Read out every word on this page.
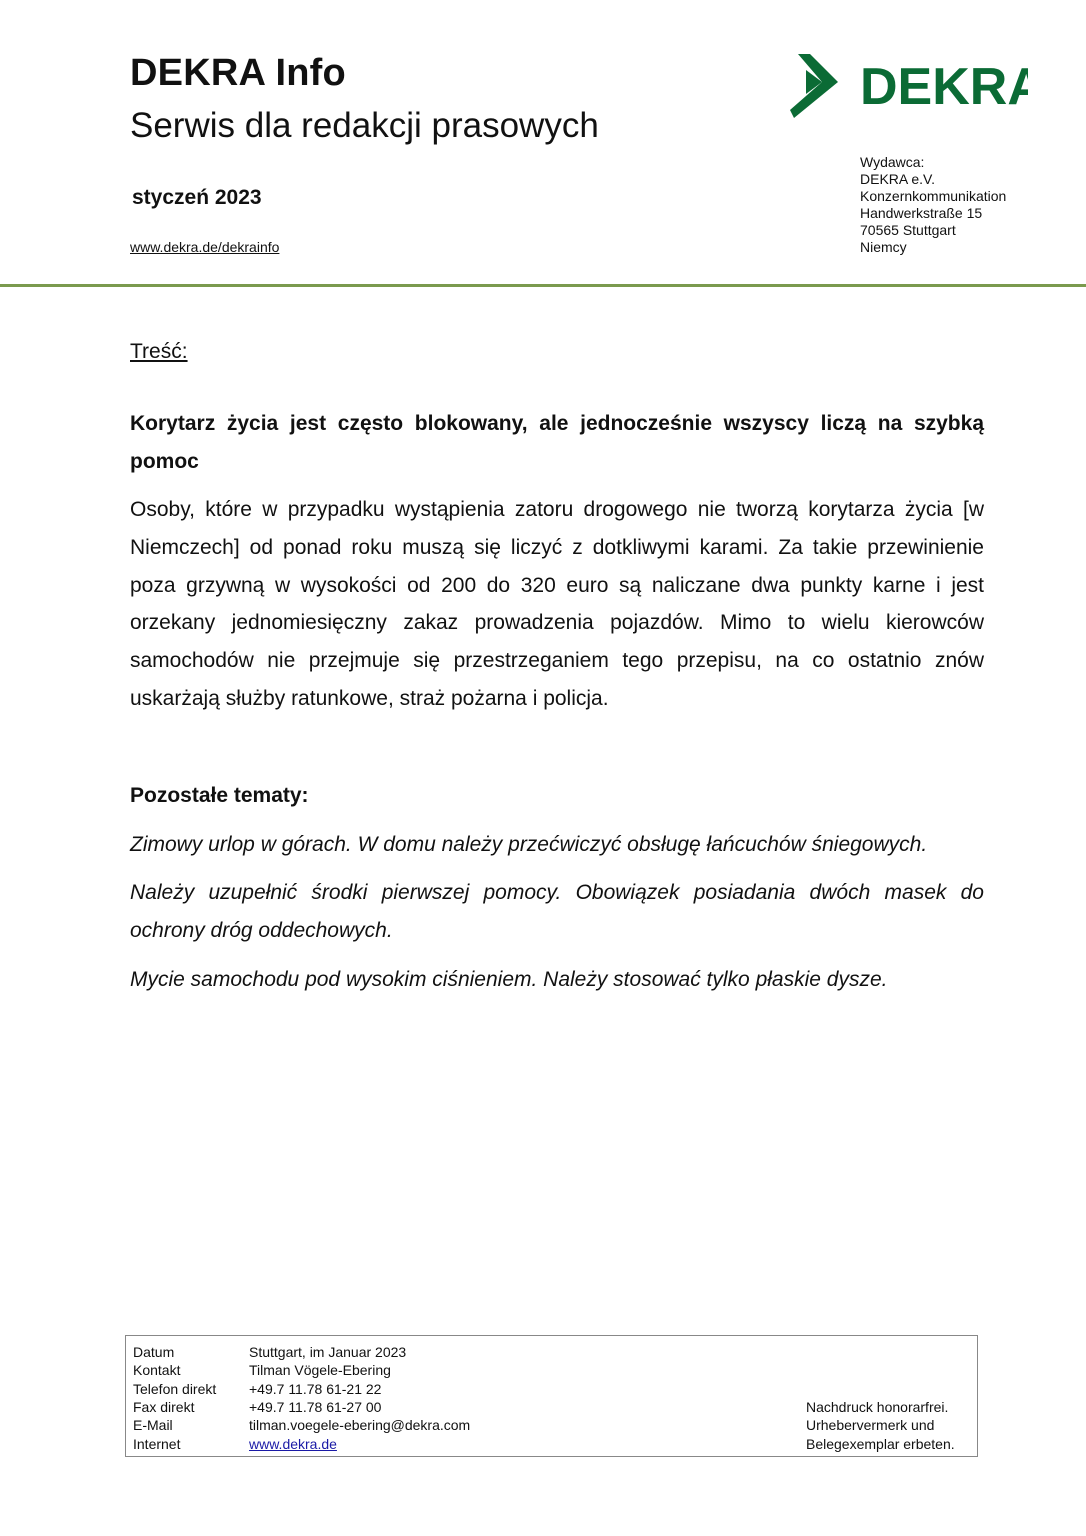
DEKRA Info
Serwis dla redakcji prasowych
styczeń 2023
www.dekra.de/dekrainfo
DEKRA
Wydawca:
DEKRA e.V.
Konzernkommunikation
Handwerkstraße 15
70565 Stuttgart
Niemcy
Treść:
Korytarz życia jest często blokowany, ale jednocześnie wszyscy liczą na szybką pomoc
Osoby, które w przypadku wystąpienia zatoru drogowego nie tworzą korytarza życia [w Niemczech] od ponad roku muszą się liczyć z dotkliwymi karami. Za takie przewinienie poza grzywną w wysokości od 200 do 320 euro są naliczane dwa punkty karne i jest orzekany jednomiesięczny zakaz prowadzenia pojazdów. Mimo to wielu kierowców samochodów nie przejmuje się przestrzeganiem tego przepisu, na co ostatnio znów uskarżają służby ratunkowe, straż pożarna i policja.
Pozostałe tematy:
Zimowy urlop w górach. W domu należy przećwiczyć obsługę łańcuchów śniegowych.
Należy uzupełnić środki pierwszej pomocy. Obowiązek posiadania dwóch masek do ochrony dróg oddechowych.
Mycie samochodu pod wysokim ciśnieniem. Należy stosować tylko płaskie dysze.
Datum	Stuttgart, im Januar 2023
Kontakt	Tilman Vögele-Ebering
Telefon direkt +49.7 11.78 61-21 22
Fax direkt	+49.7 11.78 61-27 00
E-Mail	tilman.voegele-ebering@dekra.com
Internet	www.dekra.de
Nachdruck honorarfrei.
Urhebervermerk und
Belegexemplar erbeten.
